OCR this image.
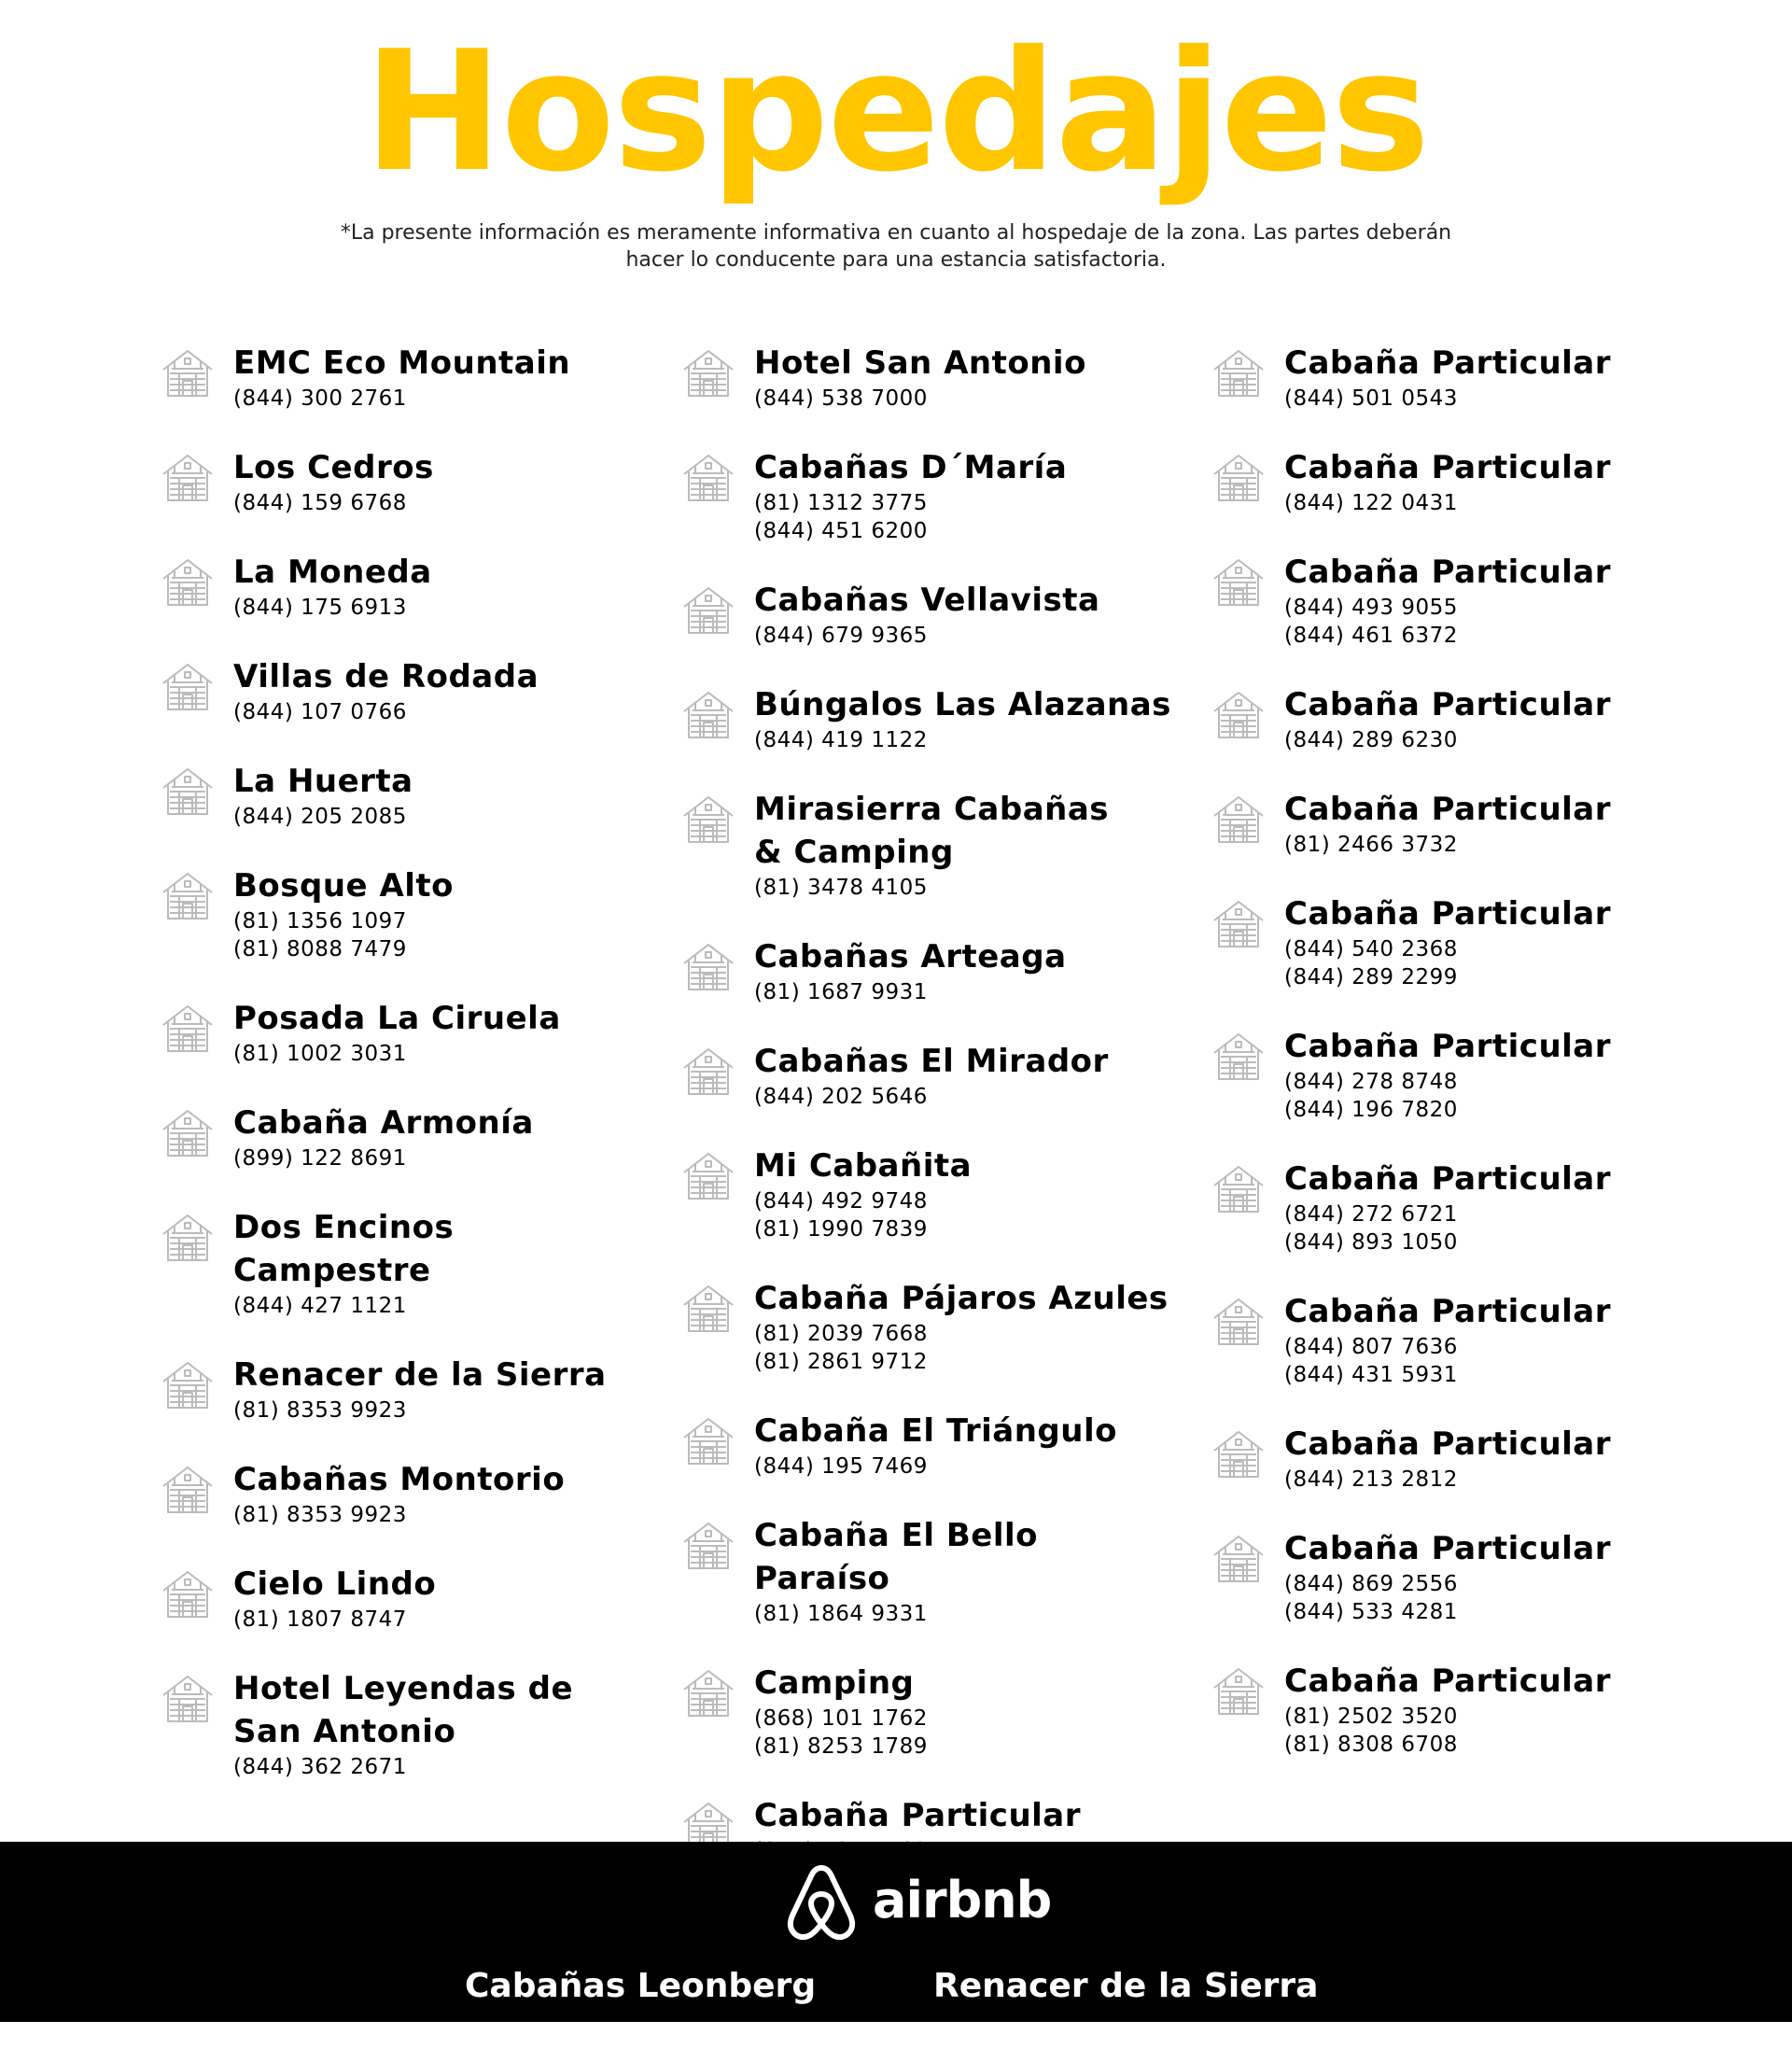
Hospedajes

*La presente información es meramente informativa en cuanto al hospedaje de la zona. Las partes deberán hacer lo conducente para una estancia satisfactoria.

EMC Eco Mountain
(844) 300 2761
Los Cedros
(844) 159 6768
La Moneda
(844) 175 6913
Villas de Rodada
(844) 107 0766
La Huerta
(844) 205 2085
Bosque Alto
(81) 1356 1097
(81) 8088 7479
Posada La Ciruela
(81) 1002 3031
Cabaña Armonía
(899) 122 8691
Dos Encinos Campestre
(844) 427 1121
Renacer de la Sierra
(81) 8353 9923
Cabañas Montorio
(81) 8353 9923
Cielo Lindo
(81) 1807 8747
Hotel Leyendas de
San Antonio
(844) 362 2671
Hotel San Antonio
(844) 538 7000
Cabañas D´María
(81) 1312 3775
(844) 451 6200
Cabañas Vellavista
(844) 679 9365
Búngalos Las Alazanas
(844) 419 1122
Mirasierra Cabañas
& Camping
(81) 3478 4105
Cabañas Arteaga
(81) 1687 9931
Cabañas El Mirador
(844) 202 5646
Mi Cabañita
(844) 492 9748
(81) 1990 7839
Cabaña Pájaros Azules
(81) 2039 7668
(81) 2861 9712
Cabaña El Triángulo
(844) 195 7469
Cabaña El Bello Paraíso
(81) 1864 9331
Camping
(868) 101 1762
(81) 8253 1789
Cabaña Particular
Cabaña Particular
(844) 501 0543
Cabaña Particular
(844) 122 0431
Cabaña Particular
(844) 493 9055
(844) 461 6372
Cabaña Particular
(844) 289 6230
Cabaña Particular
(81) 2466 3732
Cabaña Particular
(844) 540 2368
(844) 289 2299
Cabaña Particular
(844) 278 8748
(844) 196 7820
Cabaña Particular
(844) 272 6721
(844) 893 1050
Cabaña Particular
(844) 807 7636
(844) 431 5931
Cabaña Particular
(844) 213 2812
Cabaña Particular
(844) 869 2556
(844) 533 4281
Cabaña Particular
(81) 2502 3520
(81) 8308 6708
airbnb
Cabañas Leonberg	Renacer de la Sierra
